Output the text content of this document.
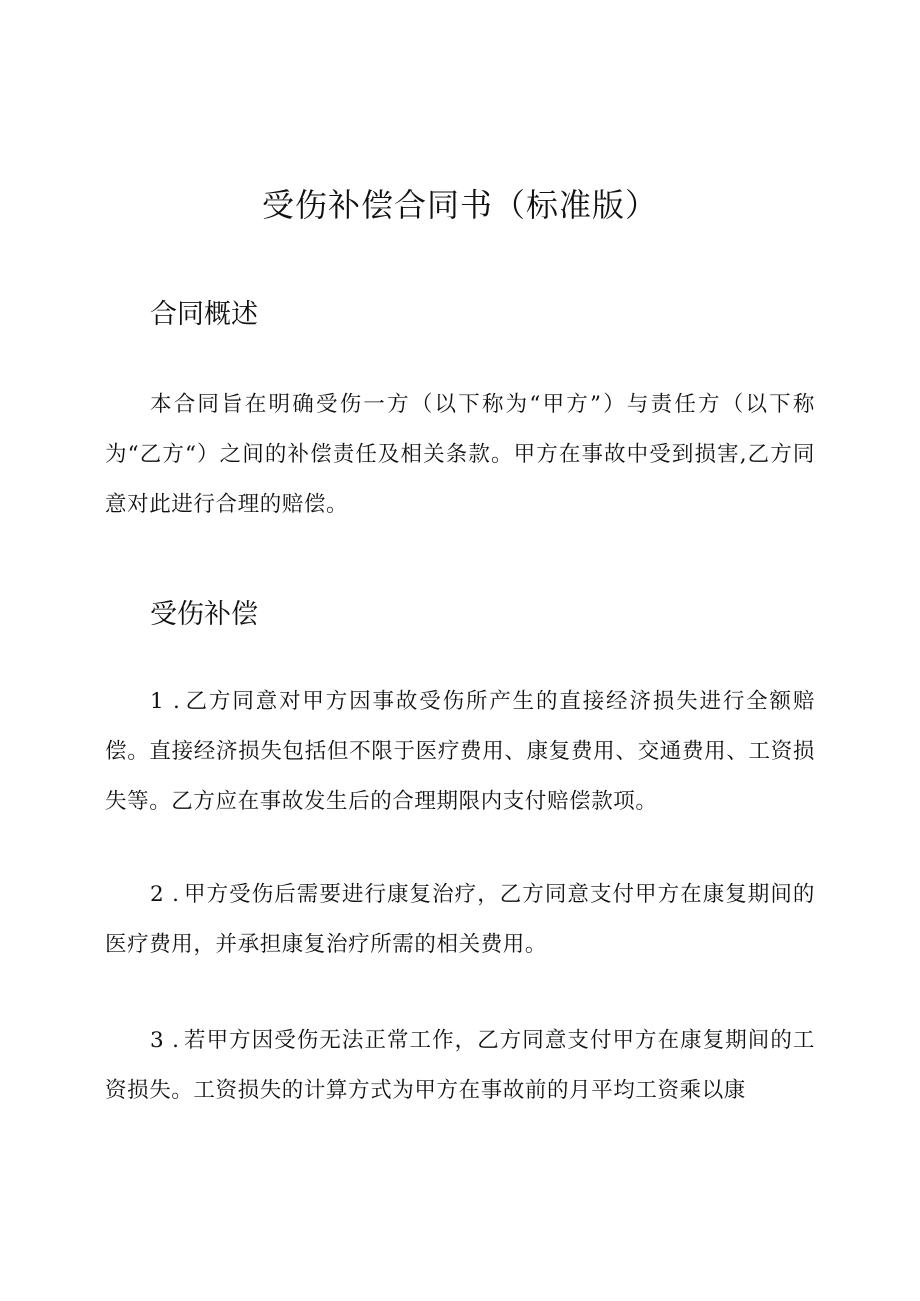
受伤补偿合同书（标准版）
合同概述

本合同旨在明确受伤一方（以下称为“甲方”）与责任方（以下称为“乙方“）之间的补偿责任及相关条款。甲方在事故中受到损害,乙方同意对此进行合理的赔偿。

受伤补偿

1 . 乙方同意对甲方因事故受伤所产生的直接经济损失进行全额赔偿。直接经济损失包括但不限于医疗费用、康复费用、交通费用、工资损失等。乙方应在事故发生后的合理期限内支付赔偿款项。

2 . 甲方受伤后需要进行康复治疗，乙方同意支付甲方在康复期间的医疗费用，并承担康复治疗所需的相关费用。

3 . 若甲方因受伤无法正常工作，乙方同意支付甲方在康复期间的工资损失。工资损失的计算方式为甲方在事故前的月平均工资乘以康
